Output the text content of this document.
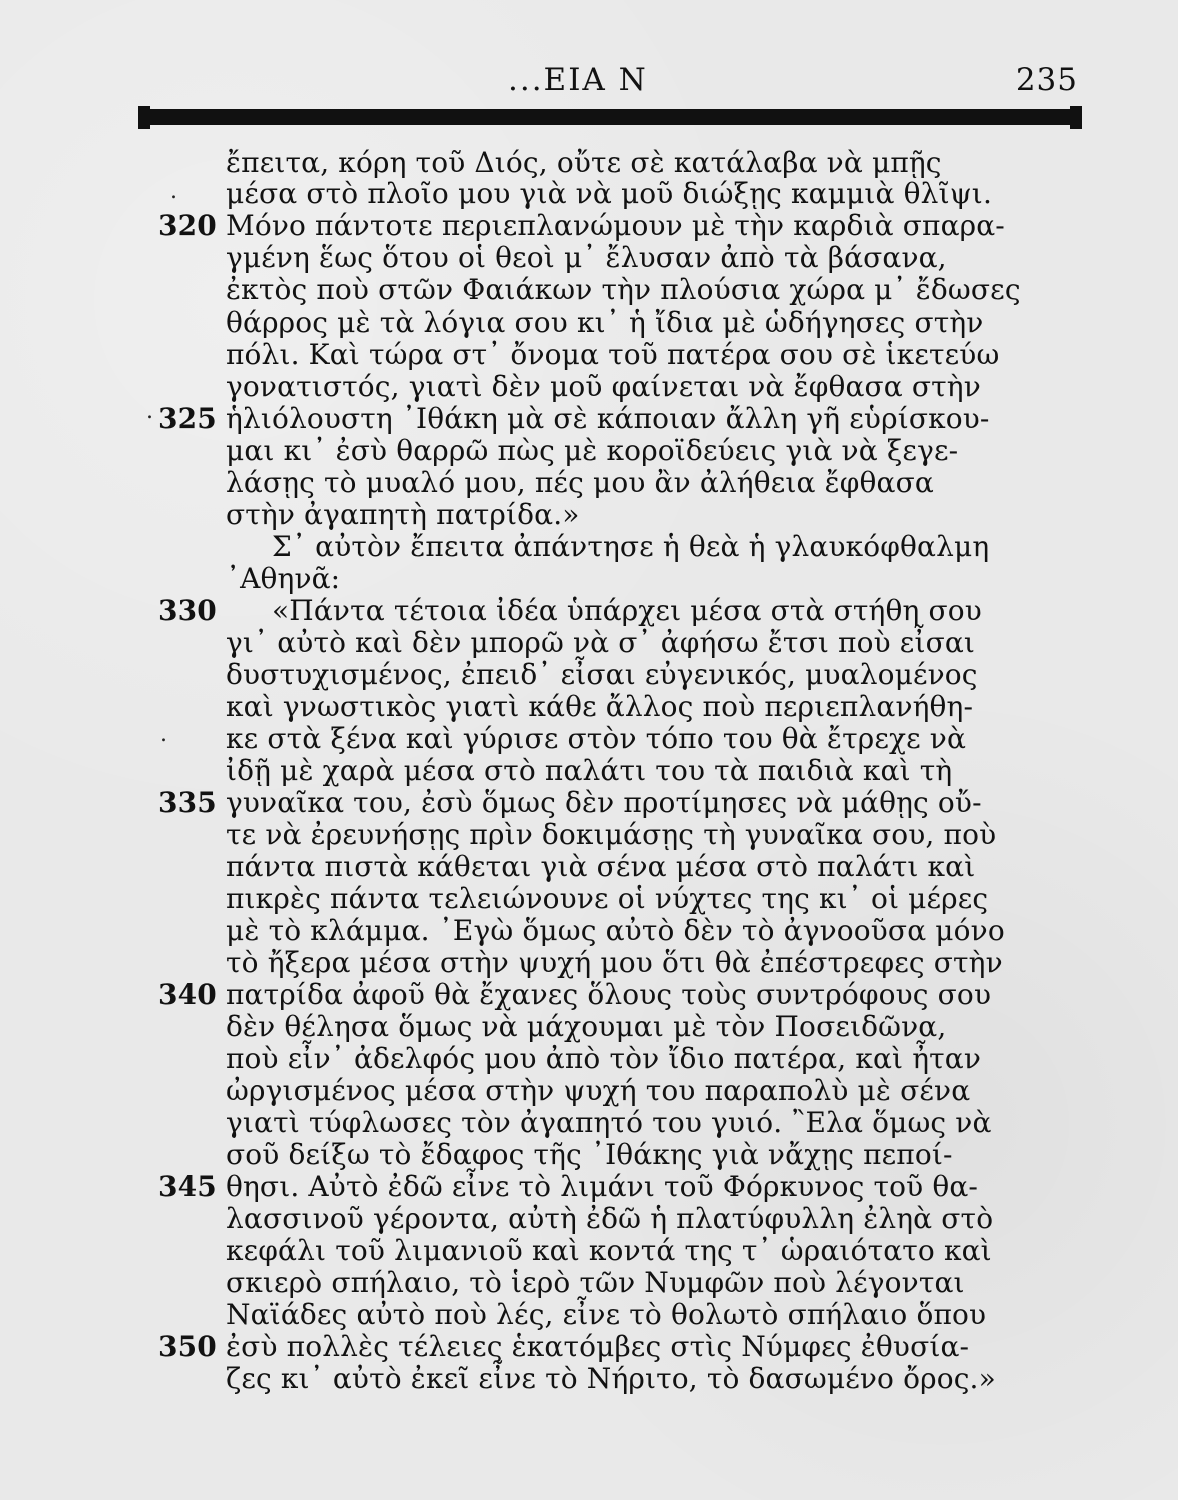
...ΕΙΑ Ν	235
ἔπειτα, κόρη τοῦ Διός, οὔτε σὲ κατάλαβα νὰ μπῇς
μέσα στὸ πλοῖο μου γιὰ νὰ μοῦ διώξῃς καμμιὰ θλῖψι.
320 Μόνο πάντοτε περιεπλανώμουν μὲ τὴν καρδιὰ σπαρα-
γμένη ἕως ὅτου οἱ θεοὶ μ᾽ ἔλυσαν ἀπὸ τὰ βάσανα,
ἐκτὸς ποὺ στῶν Φαιάκων τὴν πλούσια χώρα μ᾽ ἔδωσες
θάρρος μὲ τὰ λόγια σου κι᾽ ἡ ἴδια μὲ ὡδήγησες στὴν
πόλι. Καὶ τώρα στ᾽ ὄνομα τοῦ πατέρα σου σὲ ἱκετεύω
γονατιστός, γιατὶ δὲν μοῦ φαίνεται νὰ ἔφθασα στὴν
325 ἡλιόλουστη ᾽Ιθάκη μὰ σὲ κάποιαν ἄλλη γῆ εὑρίσκου-
μαι κι᾽ ἐσὺ θαρρῶ πὼς μὲ κοροϊδεύεις γιὰ νὰ ξεγε-
λάσῃς τὸ μυαλό μου, πές μου ἂν ἀλήθεια ἔφθασα
στὴν ἀγαπητὴ πατρίδα.»
Σ᾽ αὐτὸν ἔπειτα ἀπάντησε ἡ θεὰ ἡ γλαυκόφθαλμη
᾽Αθηνᾶ:
330	«Πάντα τέτοια ἰδέα ὑπάρχει μέσα στὰ στήθη σου
γι᾽ αὐτὸ καὶ δὲν μπορῶ νὰ σ᾽ ἀφήσω ἔτσι ποὺ εἶσαι
δυστυχισμένος, ἐπειδ᾽ εἶσαι εὐγενικός, μυαλομένος
καὶ γνωστικὸς γιατὶ κάθε ἄλλος ποὺ περιεπλανήθη-
κε στὰ ξένα καὶ γύρισε στὸν τόπο του θὰ ἔτρεχε νὰ
ἰδῇ μὲ χαρὰ μέσα στὸ παλάτι του τὰ παιδιὰ καὶ τὴ
335 γυναῖκα του, ἐσὺ ὅμως δὲν προτίμησες νὰ μάθῃς οὔ-
τε νὰ ἐρευνήσῃς πρὶν δοκιμάσῃς τὴ γυναῖκα σου, ποὺ
πάντα πιστὰ κάθεται γιὰ σένα μέσα στὸ παλάτι καὶ
πικρὲς πάντα τελειώνουνε οἱ νύχτες της κι᾽ οἱ μέρες
μὲ τὸ κλάμμα. ᾽Εγὼ ὅμως αὐτὸ δὲν τὸ ἀγνοοῦσα μόνο
τὸ ἤξερα μέσα στὴν ψυχή μου ὅτι θὰ ἐπέστρεφες στὴν
340 πατρίδα ἀφοῦ θὰ ἔχανες ὅλους τοὺς συντρόφους σου
δὲν θέλησα ὅμως νὰ μάχουμαι μὲ τὸν Ποσειδῶνα,
ποὺ εἶν᾽ ἀδελφός μου ἀπὸ τὸν ἴδιο πατέρα, καὶ ἦταν
ὠργισμένος μέσα στὴν ψυχή του παραπολὺ μὲ σένα
γιατὶ τύφλωσες τὸν ἀγαπητό του γυιό. ῍Ελα ὅμως νὰ
σοῦ δείξω τὸ ἔδαφος τῆς ᾽Ιθάκης γιὰ νἄχῃς πεποί-
345 θησι. Αὐτὸ ἐδῶ εἶνε τὸ λιμάνι τοῦ Φόρκυνος τοῦ θα-
λασσινοῦ γέροντα, αὐτὴ ἐδῶ ἡ πλατύφυλλη ἐληὰ στὸ
κεφάλι τοῦ λιμανιοῦ καὶ κοντά της τ᾽ ὡραιότατο καὶ
σκιερὸ σπήλαιο, τὸ ἱερὸ τῶν Νυμφῶν ποὺ λέγονται
Ναϊάδες αὐτὸ ποὺ λές, εἶνε τὸ θολωτὸ σπήλαιο ὅπου
350 ἐσὺ πολλὲς τέλειες ἑκατόμβες στὶς Νύμφες ἐθυσία-
ζες κι᾽ αὐτὸ ἐκεῖ εἶνε τὸ Νήριτο, τὸ δασωμένο ὄρος.»
.
.
.
